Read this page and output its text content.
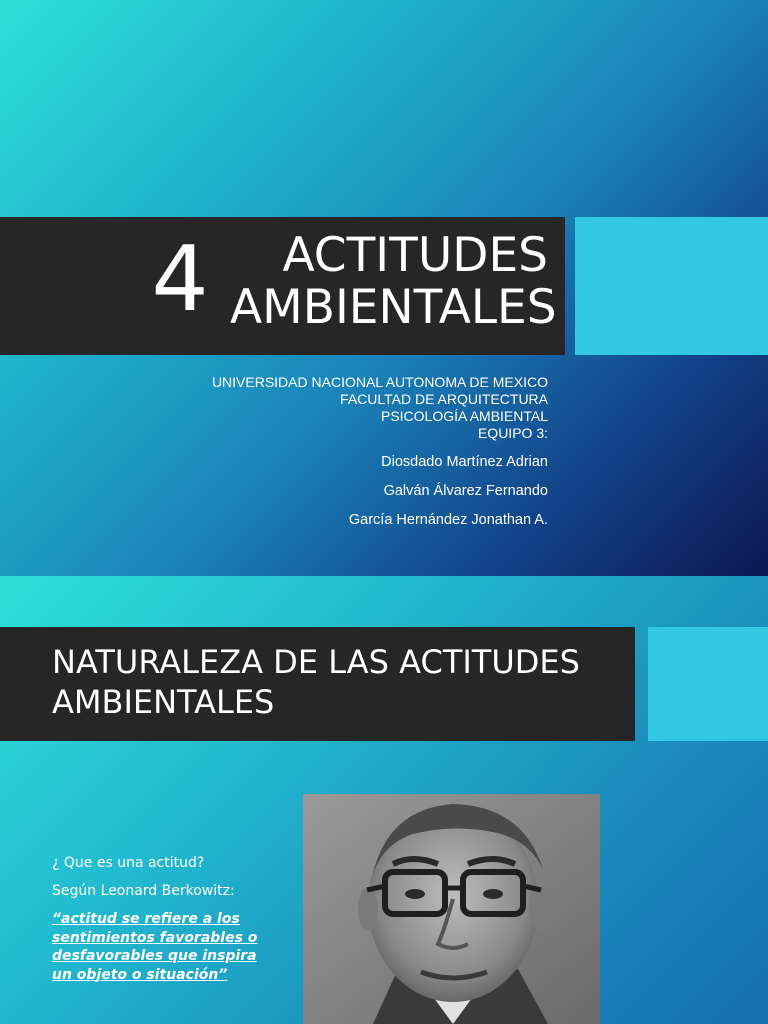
4	ACTITUDES
AMBIENTALES
UNIVERSIDAD NACIONAL AUTONOMA DE MEXICO
FACULTAD DE ARQUITECTURA
PSICOLOGÍA AMBIENTAL
EQUIPO 3:
Diosdado Martínez Adrian
Galván Álvarez Fernando
García Hernández Jonathan A.
NATURALEZA DE LAS ACTITUDES
AMBIENTALES
¿ Que es una actitud?
Según Leonard Berkowitz:
“actitud se refiere a los
sentimientos favorables o
desfavorables que inspira
un objeto o situación”
